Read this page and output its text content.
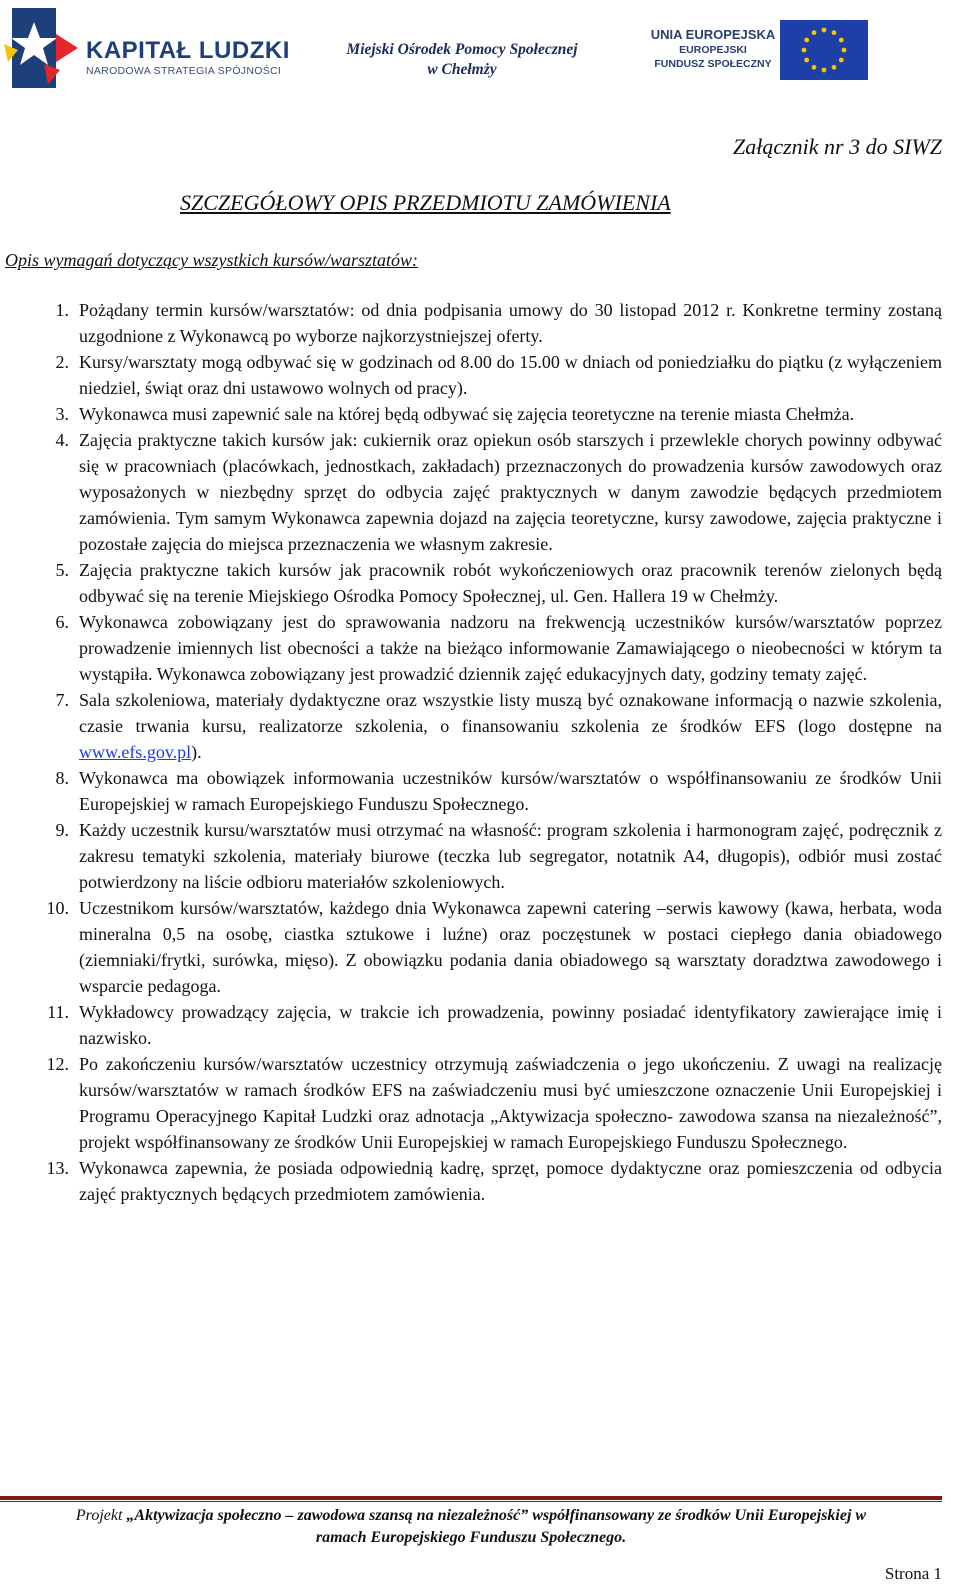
KAPITAŁ LUDZKI
NARODOWA STRATEGIA SPÓJNOŚCI
Miejski Ośrodek Pomocy Społecznej
w Chełmży
UNIA EUROPEJSKA
EUROPEJSKI
FUNDUSZ SPOŁECZNY
Załącznik nr 3 do SIWZ
SZCZEGÓŁOWY OPIS PRZEDMIOTU ZAMÓWIENIA
Opis wymagań dotyczący wszystkich kursów/warsztatów:
1. Pożądany termin kursów/warsztatów: od dnia podpisania umowy do 30 listopad 2012 r. Konkretne terminy zostaną uzgodnione z Wykonawcą po wyborze najkorzystniejszej oferty.
2. Kursy/warsztaty mogą odbywać się w godzinach od 8.00 do 15.00 w dniach od poniedziałku do piątku (z wyłączeniem niedziel, świąt oraz dni ustawowo wolnych od pracy).
3. Wykonawca musi zapewnić sale na której będą odbywać się zajęcia teoretyczne na terenie miasta Chełmża.
4. Zajęcia praktyczne takich kursów jak: cukiernik oraz opiekun osób starszych i przewlekle chorych powinny odbywać się w pracowniach (placówkach, jednostkach, zakładach) przeznaczonych do prowadzenia kursów zawodowych oraz wyposażonych w niezbędny sprzęt do odbycia zajęć praktycznych w danym zawodzie będących przedmiotem zamówienia. Tym samym Wykonawca zapewnia dojazd na zajęcia teoretyczne, kursy zawodowe, zajęcia praktyczne i pozostałe zajęcia do miejsca przeznaczenia we własnym zakresie.
5. Zajęcia praktyczne takich kursów jak pracownik robót wykończeniowych oraz pracownik terenów zielonych będą odbywać się na terenie Miejskiego Ośrodka Pomocy Społecznej, ul. Gen. Hallera 19 w Chełmży.
6. Wykonawca zobowiązany jest do sprawowania nadzoru na frekwencją uczestników kursów/warsztatów poprzez prowadzenie imiennych list obecności a także na bieżąco informowanie Zamawiającego o nieobecności w którym ta wystąpiła. Wykonawca zobowiązany jest prowadzić dziennik zajęć edukacyjnych daty, godziny tematy zajęć.
7. Sala szkoleniowa, materiały dydaktyczne oraz wszystkie listy muszą być oznakowane informacją o nazwie szkolenia, czasie trwania kursu, realizatorze szkolenia, o finansowaniu szkolenia ze środków EFS (logo dostępne na www.efs.gov.pl).
8. Wykonawca ma obowiązek informowania uczestników kursów/warsztatów o współfinansowaniu ze środków Unii Europejskiej w ramach Europejskiego Funduszu Społecznego.
9. Każdy uczestnik kursu/warsztatów musi otrzymać na własność: program szkolenia i harmonogram zajęć, podręcznik z zakresu tematyki szkolenia, materiały biurowe (teczka lub segregator, notatnik A4, długopis), odbiór musi zostać potwierdzony na liście odbioru materiałów szkoleniowych.
10. Uczestnikom kursów/warsztatów, każdego dnia Wykonawca zapewni catering –serwis kawowy (kawa, herbata, woda mineralna 0,5 na osobę, ciastka sztukowe i luźne) oraz poczęstunek w postaci ciepłego dania obiadowego (ziemniaki/frytki, surówka, mięso). Z obowiązku podania dania obiadowego są warsztaty doradztwa zawodowego i wsparcie pedagoga.
11. Wykładowcy prowadzący zajęcia, w trakcie ich prowadzenia, powinny posiadać identyfikatory zawierające imię i nazwisko.
12. Po zakończeniu kursów/warsztatów uczestnicy otrzymują zaświadczenia o jego ukończeniu. Z uwagi na realizację kursów/warsztatów w ramach środków EFS na zaświadczeniu musi być umieszczone oznaczenie Unii Europejskiej i Programu Operacyjnego Kapitał Ludzki oraz adnotacja „Aktywizacja społeczno- zawodowa szansa na niezależność”, projekt współfinansowany ze środków Unii Europejskiej w ramach Europejskiego Funduszu Społecznego.
13. Wykonawca zapewnia, że posiada odpowiednią kadrę, sprzęt, pomoce dydaktyczne oraz pomieszczenia od odbycia zajęć praktycznych będących przedmiotem zamówienia.
Projekt „Aktywizacja społeczno – zawodowa szansą na niezależność” współfinansowany ze środków Unii Europejskiej w
ramach Europejskiego Funduszu Społecznego.
Strona 1
